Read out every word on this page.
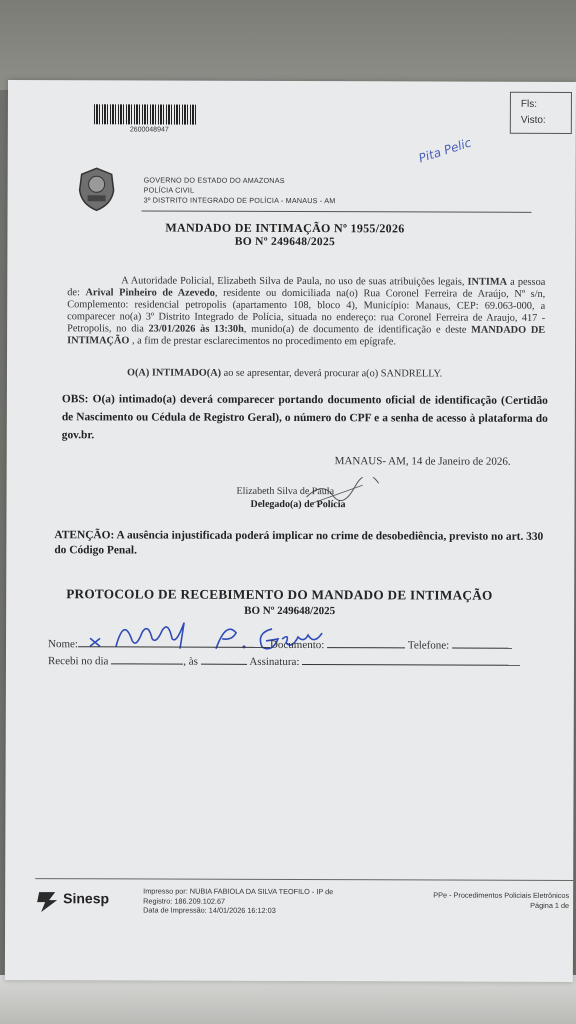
2600048947
Fls:
Visto:
Pita Pelic
GOVERNO DO ESTADO DO AMAZONAS
POLÍCIA CIVIL
3º DISTRITO INTEGRADO DE POLÍCIA - MANAUS - AM
MANDADO DE INTIMAÇÃO Nº 1955/2026
BO Nº 249648/2025
A Autoridade Policial, Elizabeth Silva de Paula, no uso de suas atribuições legais, INTIMA a pessoa de: Arival Pinheiro de Azevedo, residente ou domiciliada na(o) Rua Coronel Ferreira de Araújo, Nº s/n, Complemento: residencial petropolis (apartamento 108, bloco 4), Município: Manaus, CEP: 69.063-000, a comparecer no(a) 3º Distrito Integrado de Polícia, situada no endereço: rua Coronel Ferreira de Araujo, 417 - Petropolis, no dia 23/01/2026 às 13:30h, munido(a) de documento de identificação e deste MANDADO DE INTIMAÇÃO , a fim de prestar esclarecimentos no procedimento em epígrafe.
O(A) INTIMADO(A) ao se apresentar, deverá procurar a(o) SANDRELLY.
OBS: O(a) intimado(a) deverá comparecer portando documento oficial de identificação (Certidão de Nascimento ou Cédula de Registro Geral), o número do CPF e a senha de acesso à plataforma do gov.br.
MANAUS- AM, 14 de Janeiro de 2026.
Elizabeth Silva de Paula
Delegado(a) de Polícia
ATENÇÃO: A ausência injustificada poderá implicar no crime de desobediência, previsto no art. 330 do Código Penal.
PROTOCOLO DE RECEBIMENTO DO MANDADO DE INTIMAÇÃO
BO Nº 249648/2025
Nome:	Documento:	Telefone:
Recebi no dia	, às	Assinatura:
Sinesp	Impresso por: NUBIA FABIOLA DA SILVA TEOFILO - IP de
Registro: 186.209.102.67
Data de Impressão: 14/01/2026 16:12:03
PPe - Procedimentos Policiais Eletrônicos
Página 1 de
